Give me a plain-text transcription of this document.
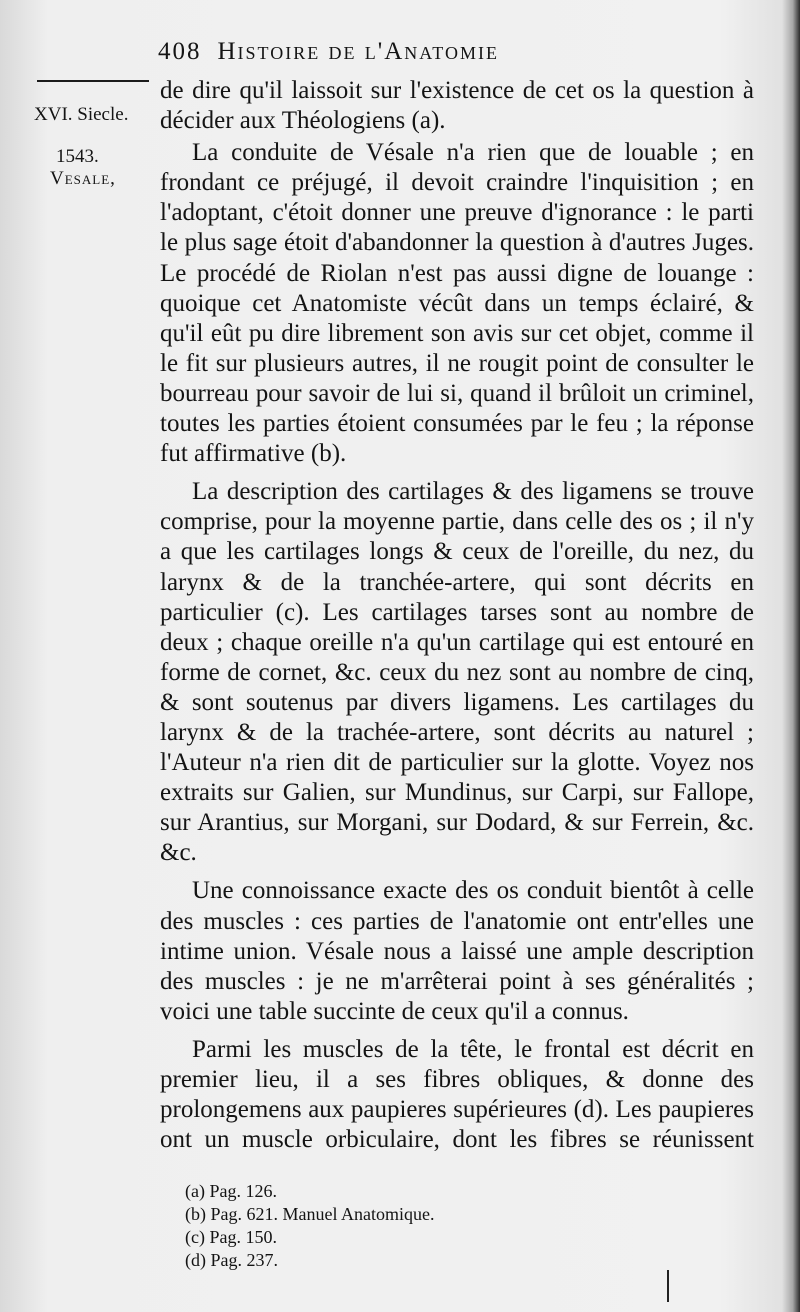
408 Histoire de l'Anatomie
XVI. Siecle.
1543.
Vesale,

de dire qu'il laissoit sur l'existence de cet os la question à décider aux Théologiens (a).

La conduite de Vésale n'a rien que de louable ; en frondant ce préjugé, il devoit craindre l'inquisition ; en l'adoptant, c'étoit donner une preuve d'ignorance : le parti le plus sage étoit d'abandonner la question à d'autres Juges. Le procédé de Riolan n'est pas aussi digne de louange : quoique cet Anatomiste vécût dans un temps éclairé, & qu'il eût pu dire librement son avis sur cet objet, comme il le fit sur plusieurs autres, il ne rougit point de consulter le bourreau pour savoir de lui si, quand il brûloit un criminel, toutes les parties étoient consumées par le feu ; la réponse fut affirmative (b).

La description des cartilages & des ligamens se trouve comprise, pour la moyenne partie, dans celle des os ; il n'y a que les cartilages longs & ceux de l'oreille, du nez, du larynx & de la tranchée-artere, qui sont décrits en particulier (c). Les cartilages tarses sont au nombre de deux ; chaque oreille n'a qu'un cartilage qui est entouré en forme de cornet, &c. ceux du nez sont au nombre de cinq, & sont soutenus par divers ligamens. Les cartilages du larynx & de la trachée-artere, sont décrits au naturel ; l'Auteur n'a rien dit de particulier sur la glotte. Voyez nos extraits sur Galien, sur Mundinus, sur Carpi, sur Fallope, sur Arantius, sur Morgani, sur Dodard, & sur Ferrein, &c. &c.

Une connoissance exacte des os conduit bientôt à celle des muscles : ces parties de l'anatomie ont entr'elles une intime union. Vésale nous a laissé une ample description des muscles : je ne m'arrêterai point à ses généralités ; voici une table succinte de ceux qu'il a connus.

Parmi les muscles de la tête, le frontal est décrit en premier lieu, il a ses fibres obliques, & donne des prolongemens aux paupieres supérieures (d). Les paupieres ont un muscle orbiculaire, dont les fibres se réunissent

(a) Pag. 126.
(b) Pag. 621. Manuel Anatomique.
(c) Pag. 150.
(d) Pag. 237.
